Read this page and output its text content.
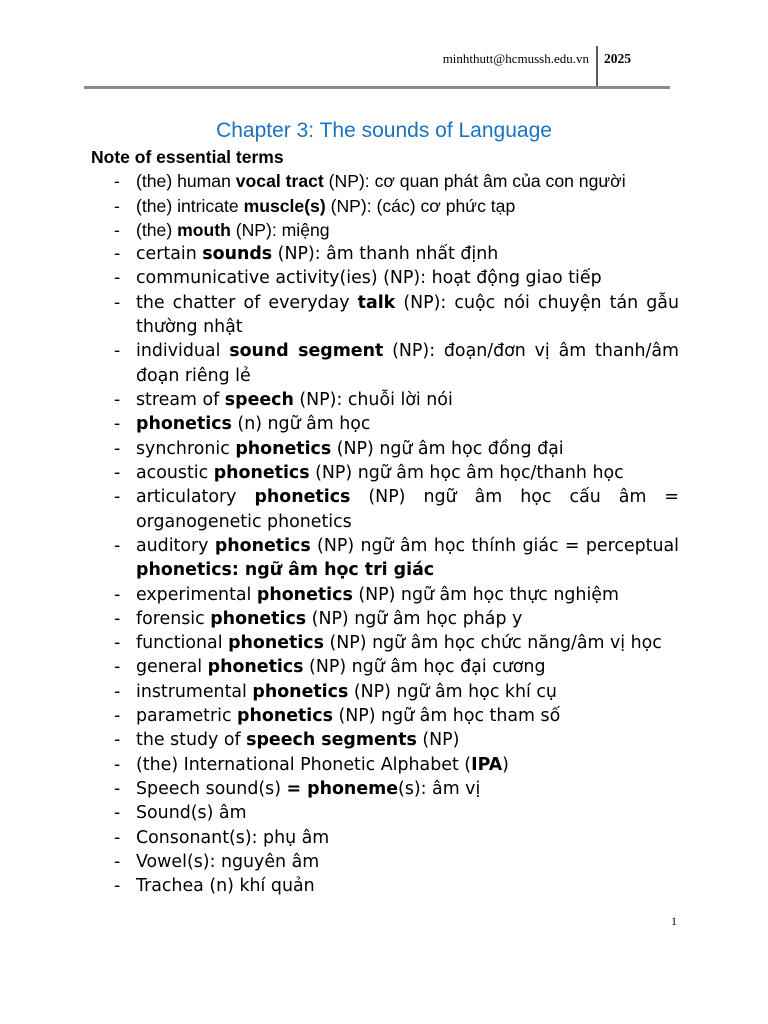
minhthutt@hcmussh.edu.vn 2025
Chapter 3: The sounds of Language
Note of essential terms
- (the) human vocal tract (NP): cơ quan phát âm của con người
- (the) intricate muscle(s) (NP): (các) cơ phức tạp
- (the) mouth (NP): miệng
- certain sounds (NP): âm thanh nhất định
- communicative activity(ies) (NP): hoạt động giao tiếp
- the chatter of everyday talk (NP): cuộc nói chuyện tán gẫu thường nhật
- individual sound segment (NP): đoạn/đơn vị âm thanh/âm đoạn riêng lẻ
- stream of speech (NP): chuỗi lời nói
- phonetics (n) ngữ âm học
- synchronic phonetics (NP) ngữ âm học đồng đại
- acoustic phonetics (NP) ngữ âm học âm học/thanh học
- articulatory phonetics (NP) ngữ âm học cấu âm = organogenetic phonetics
- auditory phonetics (NP) ngữ âm học thính giác = perceptual phonetics: ngữ âm học tri giác
- experimental phonetics (NP) ngữ âm học thực nghiệm
- forensic phonetics (NP) ngữ âm học pháp y
- functional phonetics (NP) ngữ âm học chức năng/âm vị học
- general phonetics (NP) ngữ âm học đại cương
- instrumental phonetics (NP) ngữ âm học khí cụ
- parametric phonetics (NP) ngữ âm học tham số
- the study of speech segments (NP)
- (the) International Phonetic Alphabet (IPA)
- Speech sound(s) = phoneme(s): âm vị
- Sound(s) âm
- Consonant(s): phụ âm
- Vowel(s): nguyên âm
- Trachea (n) khí quản
1
